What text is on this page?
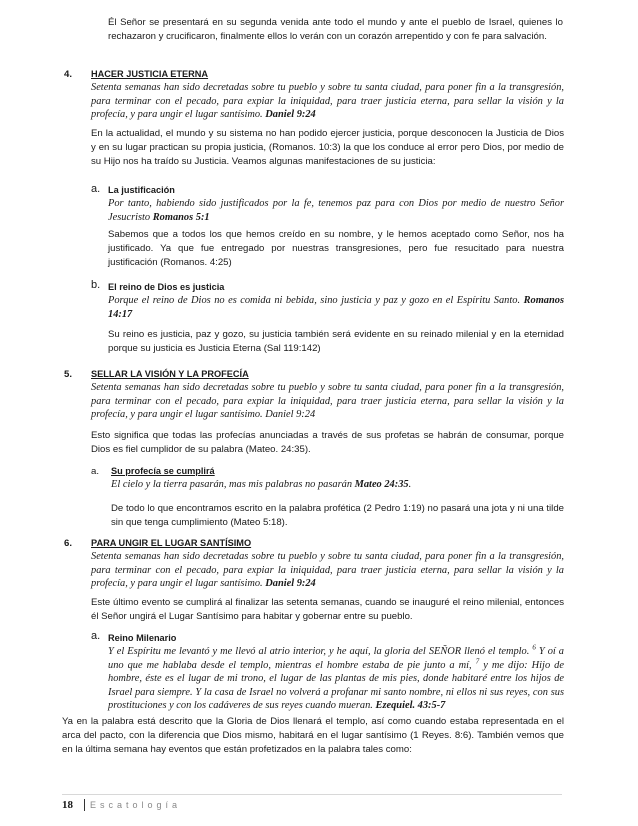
Él Señor se presentará en su segunda venida ante todo el mundo y ante el pueblo de Israel, quienes lo rechazaron y crucificaron, finalmente ellos lo verán con un corazón arrepentido y con fe para salvación.
4. HACER JUSTICIA ETERNA
Setenta semanas han sido decretadas sobre tu pueblo y sobre tu santa ciudad, para poner fin a la transgresión, para terminar con el pecado, para expiar la iniquidad, para traer justicia eterna, para sellar la visión y la profecía, y para ungir el lugar santísimo. Daniel 9:24
En la actualidad, el mundo y su sistema no han podido ejercer justicia, porque desconocen la Justicia de Dios y en su lugar practican su propia justicia, (Romanos. 10:3) la que los conduce al error pero Dios, por medio de su Hijo nos ha traído su Justicia. Veamos algunas manifestaciones de su justicia:
a. La justificación
Por tanto, habiendo sido justificados por la fe, tenemos paz para con Dios por medio de nuestro Señor Jesucristo Romanos 5:1
Sabemos que a todos los que hemos creído en su nombre, y le hemos aceptado como Señor, nos ha justificado. Ya que fue entregado por nuestras transgresiones, pero fue resucitado para nuestra justificación (Romanos. 4:25)
b. El reino de Dios es justicia
Porque el reino de Dios no es comida ni bebida, sino justicia y paz y gozo en el Espíritu Santo. Romanos 14:17
Su reino es justicia, paz y gozo, su justicia también será evidente en su reinado milenial y en la eternidad porque su justicia es Justicia Eterna (Sal 119:142)
5. SELLAR LA VISIÓN Y LA PROFECÍA
Setenta semanas han sido decretadas sobre tu pueblo y sobre tu santa ciudad, para poner fin a la transgresión, para terminar con el pecado, para expiar la iniquidad, para traer justicia eterna, para sellar la visión y la profecía, y para ungir el lugar santísimo. Daniel 9:24
Esto significa que todas las profecías anunciadas a través de sus profetas se habrán de consumar, porque Dios es fiel cumplidor de su palabra (Mateo. 24:35).
a. Su profecía se cumplirá
El cielo y la tierra pasarán, mas mis palabras no pasarán Mateo 24:35.
De todo lo que encontramos escrito en la palabra profética (2 Pedro 1:19) no pasará una jota y ni una tilde sin que tenga cumplimiento (Mateo 5:18).
6. PARA UNGIR EL LUGAR SANTÍSIMO
Setenta semanas han sido decretadas sobre tu pueblo y sobre tu santa ciudad, para poner fin a la transgresión, para terminar con el pecado, para expiar la iniquidad, para traer justicia eterna, para sellar la visión y la profecía, y para ungir el lugar santísimo. Daniel 9:24
Este último evento se cumplirá al finalizar las setenta semanas, cuando se inauguré el reino milenial, entonces él Señor ungirá el Lugar Santísimo para habitar y gobernar entre su pueblo.
a. Reino Milenario
Y el Espíritu me levantó y me llevó al atrio interior, y he aquí, la gloria del SEÑOR llenó el templo. $^6$ Y oí a uno que me hablaba desde el templo, mientras el hombre estaba de pie junto a mí, $^7$ y me dijo: Hijo de hombre, éste es el lugar de mi trono, el lugar de las plantas de mis pies, donde habitaré entre los hijos de Israel para siempre. Y la casa de Israel no volverá a profanar mi santo nombre, ni ellos ni sus reyes, con sus prostituciones y con los cadáveres de sus reyes cuando mueran. Ezequiel. 43:5-7
Ya en la palabra está descrito que la Gloria de Dios llenará el templo, así como cuando estaba representada en el arca del pacto, con la diferencia que Dios mismo, habitará en el lugar santísimo (1 Reyes. 8:6). También vemos que en la última semana hay eventos que están profetizados en la palabra tales como:
18 Escatología
